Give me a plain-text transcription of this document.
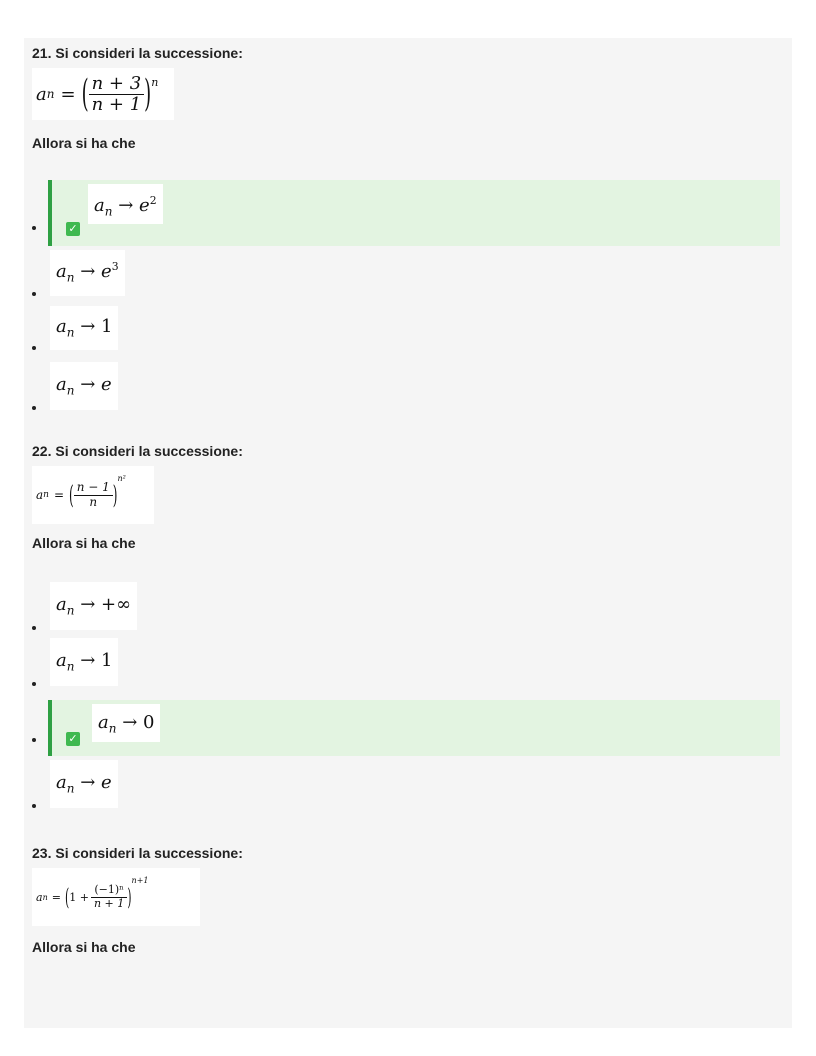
21. Si consideri la successione:

a n = ( $\frac{n + 3}{n + 1} )^n$
Allora si ha che
✓
$a_n \to e^2$
$a_n \to e^3$
$a_n \to 1$
$a_n \to e$

22. Si consideri la successione:

a n = ( $\frac{n - 1}{n}$ )
$^{n^2}$
Allora si ha che
$a_n$ → +∞
$a_n \to 1$
✓
$a_n \to 0$
$a_n \to e$

23. Si consideri la successione:

a n = ( $1 + \frac{\text{(−1)ⁿ}}{n + 1}$ )
$^{n+1}$
Allora si ha che
